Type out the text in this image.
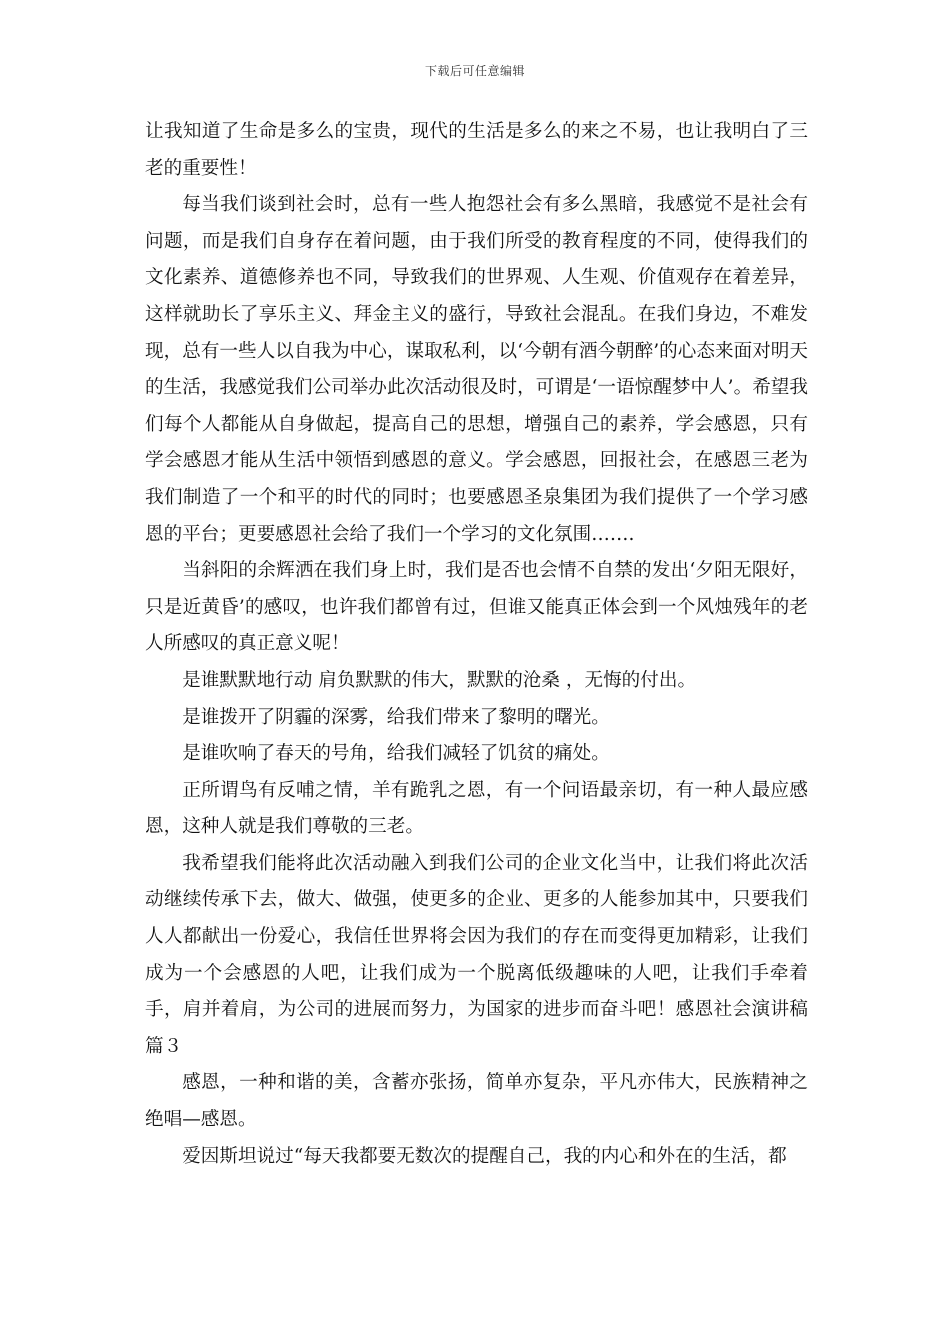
下载后可任意编辑

让我知道了生命是多么的宝贵，现代的生活是多么的来之不易，也让我明白了三老的重要性！

每当我们谈到社会时，总有一些人抱怨社会有多么黑暗，我感觉不是社会有问题，而是我们自身存在着问题，由于我们所受的教育程度的不同，使得我们的文化素养、道德修养也不同，导致我们的世界观、人生观、价值观存在着差异，这样就助长了享乐主义、拜金主义的盛行，导致社会混乱。在我们身边，不难发现，总有一些人以自我为中心，谋取私利，以‘今朝有酒今朝醉’的心态来面对明天的生活，我感觉我们公司举办此次活动很及时，可谓是‘一语惊醒梦中人’。希望我们每个人都能从自身做起，提高自己的思想，增强自己的素养，学会感恩，只有学会感恩才能从生活中领悟到感恩的意义。学会感恩，回报社会，在感恩三老为我们制造了一个和平的时代的同时；也要感恩圣泉集团为我们提供了一个学习感恩的平台；更要感恩社会给了我们一个学习的文化氛围…….

当斜阳的余辉洒在我们身上时，我们是否也会情不自禁的发出‘夕阳无限好，只是近黄昏’的感叹，也许我们都曾有过，但谁又能真正体会到一个风烛残年的老人所感叹的真正意义呢！

是谁默默地行动 肩负默默的伟大，默默的沧桑 ，无悔的付出。

是谁拨开了阴霾的深雾，给我们带来了黎明的曙光。

是谁吹响了春天的号角，给我们减轻了饥贫的痛处。

正所谓鸟有反哺之情，羊有跪乳之恩，有一个问语最亲切，有一种人最应感恩，这种人就是我们尊敬的三老。

我希望我们能将此次活动融入到我们公司的企业文化当中，让我们将此次活动继续传承下去，做大、做强，使更多的企业、更多的人能参加其中，只要我们人人都献出一份爱心，我信任世界将会因为我们的存在而变得更加精彩，让我们成为一个会感恩的人吧，让我们成为一个脱离低级趣味的人吧，让我们手牵着手，肩并着肩，为公司的进展而努力，为国家的进步而奋斗吧！感恩社会演讲稿 篇３

感恩，一种和谐的美，含蓄亦张扬，简单亦复杂，平凡亦伟大，民族精神之绝唱—感恩。

爱因斯坦说过“每天我都要无数次的提醒自己，我的内心和外在的生活，都
